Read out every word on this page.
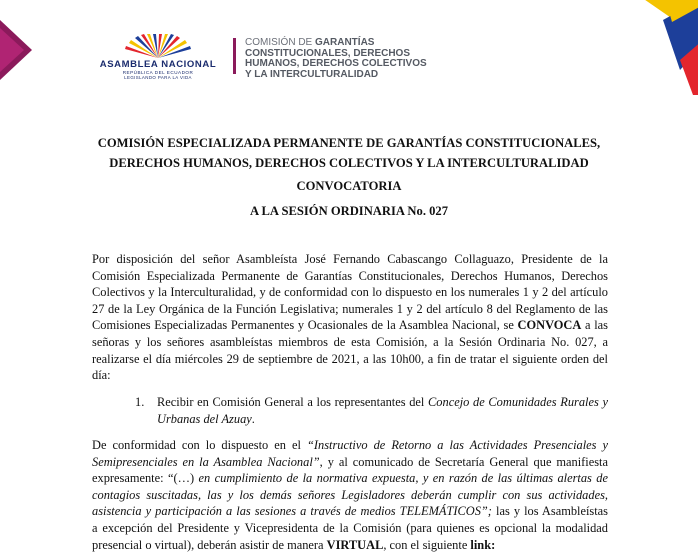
ASAMBLEA NACIONAL
REPÚBLICA DEL ECUADOR
LEGISLANDO PARA LA VIDA
COMISIÓN DE GARANTÍAS
CONSTITUCIONALES, DERECHOS
HUMANOS, DERECHOS COLECTIVOS
Y LA INTERCULTURALIDAD
COMISIÓN ESPECIALIZADA PERMANENTE DE GARANTÍAS CONSTITUCIONALES,
DERECHOS HUMANOS, DERECHOS COLECTIVOS Y LA INTERCULTURALIDAD
CONVOCATORIA
A LA SESIÓN ORDINARIA No. 027
Por disposición del señor Asambleísta José Fernando Cabascango Collaguazo, Presidente de la
Comisión Especializada Permanente de Garantías Constitucionales, Derechos Humanos, Derechos
Colectivos y la Interculturalidad, y de conformidad con lo dispuesto en los numerales 1 y 2 del artículo
27 de la Ley Orgánica de la Función Legislativa; numerales 1 y 2 del artículo 8 del Reglamento de las
Comisiones Especializadas Permanentes y Ocasionales de la Asamblea Nacional, se CONVOCA a las
señoras y los señores asambleístas miembros de esta Comisión, a la Sesión Ordinaria No. 027, a
realizarse el día miércoles 29 de septiembre de 2021, a las 10h00, a fin de tratar el siguiente orden del
día:
1. Recibir en Comisión General a los representantes del Concejo de Comunidades Rurales y
Urbanas del Azuay.
De conformidad con lo dispuesto en el “Instructivo de Retorno a las Actividades Presenciales y
Semipresenciales en la Asamblea Nacional”, y al comunicado de Secretaría General que manifiesta
expresamente: “(…) en cumplimiento de la normativa expuesta, y en razón de las últimas alertas de
contagios suscitadas, las y los demás señores Legisladores deberán cumplir con sus actividades,
asistencia y participación a las sesiones a través de medios TELEMÁTICOS”; las y los Asambleístas
a excepción del Presidente y Vicepresidenta de la Comisión (para quienes es opcional la modalidad
presencial o virtual), deberán asistir de manera VIRTUAL, con el siguiente link:
